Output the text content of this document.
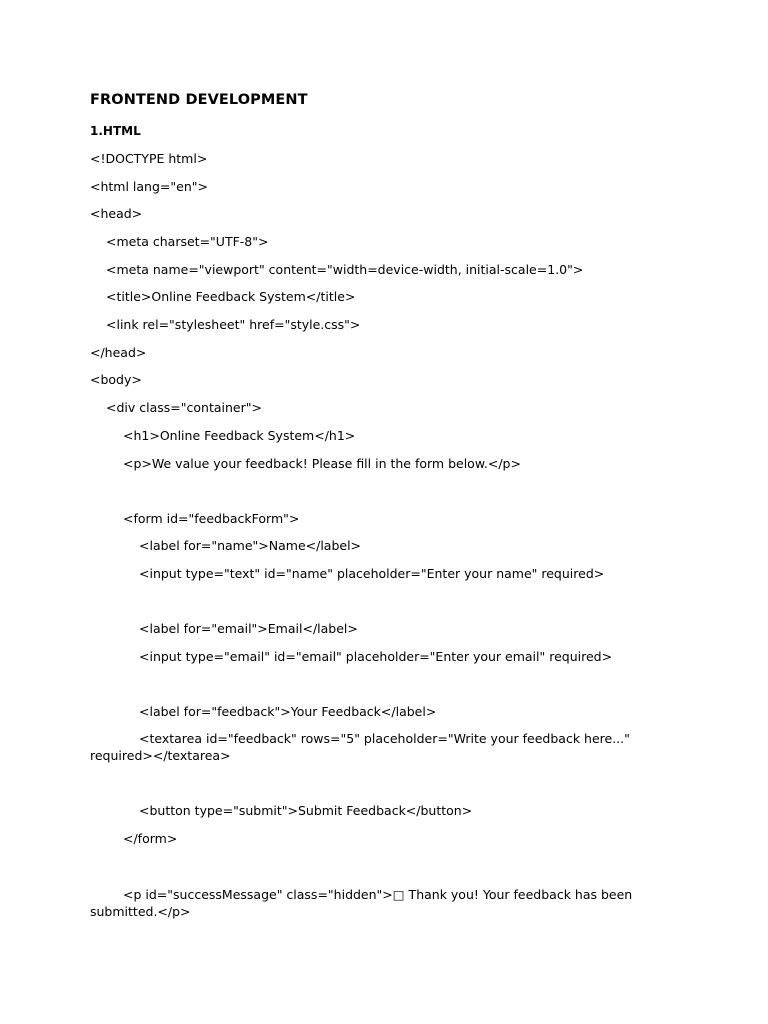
FRONTEND DEVELOPMENT
1.HTML
<!DOCTYPE html>
<html lang="en">
<head>
<meta charset="UTF-8">
<meta name="viewport" content="width=device-width, initial-scale=1.0">
<title>Online Feedback System</title>
<link rel="stylesheet" href="style.css">
</head>
<body>
<div class="container">
<h1>Online Feedback System</h1>
<p>We value your feedback! Please fill in the form below.</p>
<form id="feedbackForm">
<label for="name">Name</label>
<input type="text" id="name" placeholder="Enter your name" required>
<label for="email">Email</label>
<input type="email" id="email" placeholder="Enter your email" required>
<label for="feedback">Your Feedback</label>
<textarea id="feedback" rows="5" placeholder="Write your feedback here..." required></textarea>
<button type="submit">Submit Feedback</button>
</form>
<p id="successMessage" class="hidden">□ Thank you! Your feedback has been submitted.</p>
